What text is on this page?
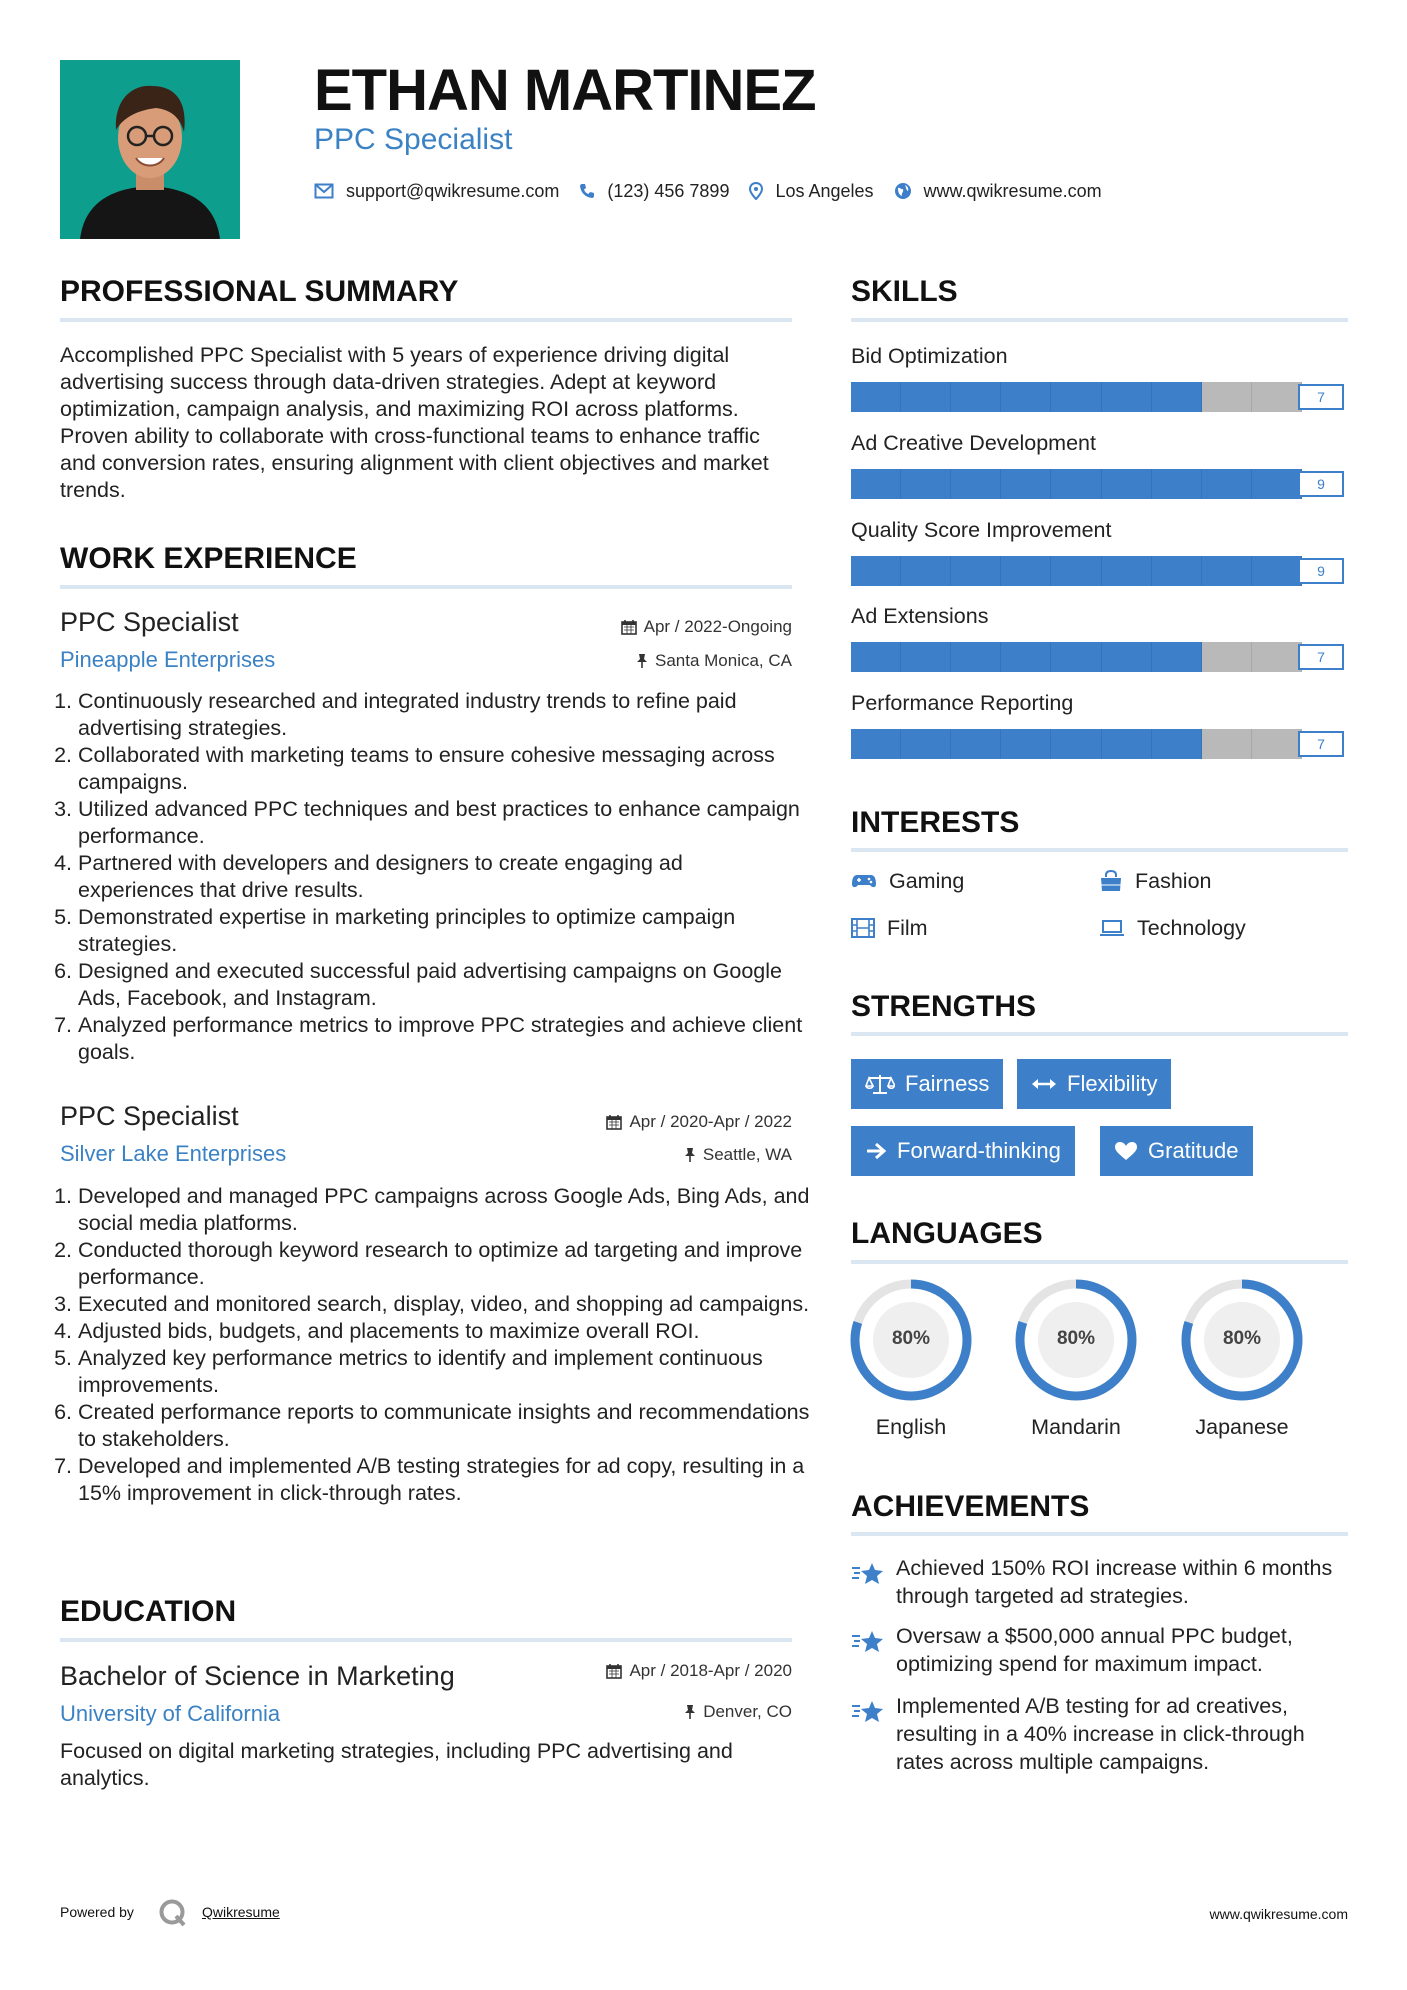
ETHAN MARTINEZ
PPC Specialist
support@qwikresume.com	(123) 456 7899	Los Angeles	www.qwikresume.com
PROFESSIONAL SUMMARY
Accomplished PPC Specialist with 5 years of experience driving digital advertising success through data-driven strategies. Adept at keyword optimization, campaign analysis, and maximizing ROI across platforms. Proven ability to collaborate with cross-functional teams to enhance traffic and conversion rates, ensuring alignment with client objectives and market trends.
WORK EXPERIENCE
PPC Specialist
Pineapple Enterprises
Apr / 2022-Ongoing
Santa Monica, CA
1. Continuously researched and integrated industry trends to refine paid advertising strategies.
2. Collaborated with marketing teams to ensure cohesive messaging across campaigns.
3. Utilized advanced PPC techniques and best practices to enhance campaign performance.
4. Partnered with developers and designers to create engaging ad experiences that drive results.
5. Demonstrated expertise in marketing principles to optimize campaign strategies.
6. Designed and executed successful paid advertising campaigns on Google Ads, Facebook, and Instagram.
7. Analyzed performance metrics to improve PPC strategies and achieve client goals.
PPC Specialist
Silver Lake Enterprises
Apr / 2020-Apr / 2022
Seattle, WA
1. Developed and managed PPC campaigns across Google Ads, Bing Ads, and social media platforms.
2. Conducted thorough keyword research to optimize ad targeting and improve performance.
3. Executed and monitored search, display, video, and shopping ad campaigns.
4. Adjusted bids, budgets, and placements to maximize overall ROI.
5. Analyzed key performance metrics to identify and implement continuous improvements.
6. Created performance reports to communicate insights and recommendations to stakeholders.
7. Developed and implemented A/B testing strategies for ad copy, resulting in a 15% improvement in click-through rates.
EDUCATION
Bachelor of Science in Marketing
University of California
Apr / 2018-Apr / 2020
Denver, CO
Focused on digital marketing strategies, including PPC advertising and analytics.
SKILLS
Bid Optimization
7
Ad Creative Development
9
Quality Score Improvement
9
Ad Extensions
7
Performance Reporting
7
INTERESTS
Gaming	Fashion
Film	Technology
STRENGTHS
Fairness	Flexibility
Forward-thinking	Gratitude
LANGUAGES
80%
English
80%
Mandarin
80%
Japanese
ACHIEVEMENTS
Achieved 150% ROI increase within 6 months through targeted ad strategies.
Oversaw a $500,000 annual PPC budget, optimizing spend for maximum impact.
Implemented A/B testing for ad creatives, resulting in a 40% increase in click-through rates across multiple campaigns.
Powered by	Qwikresume	www.qwikresume.com
